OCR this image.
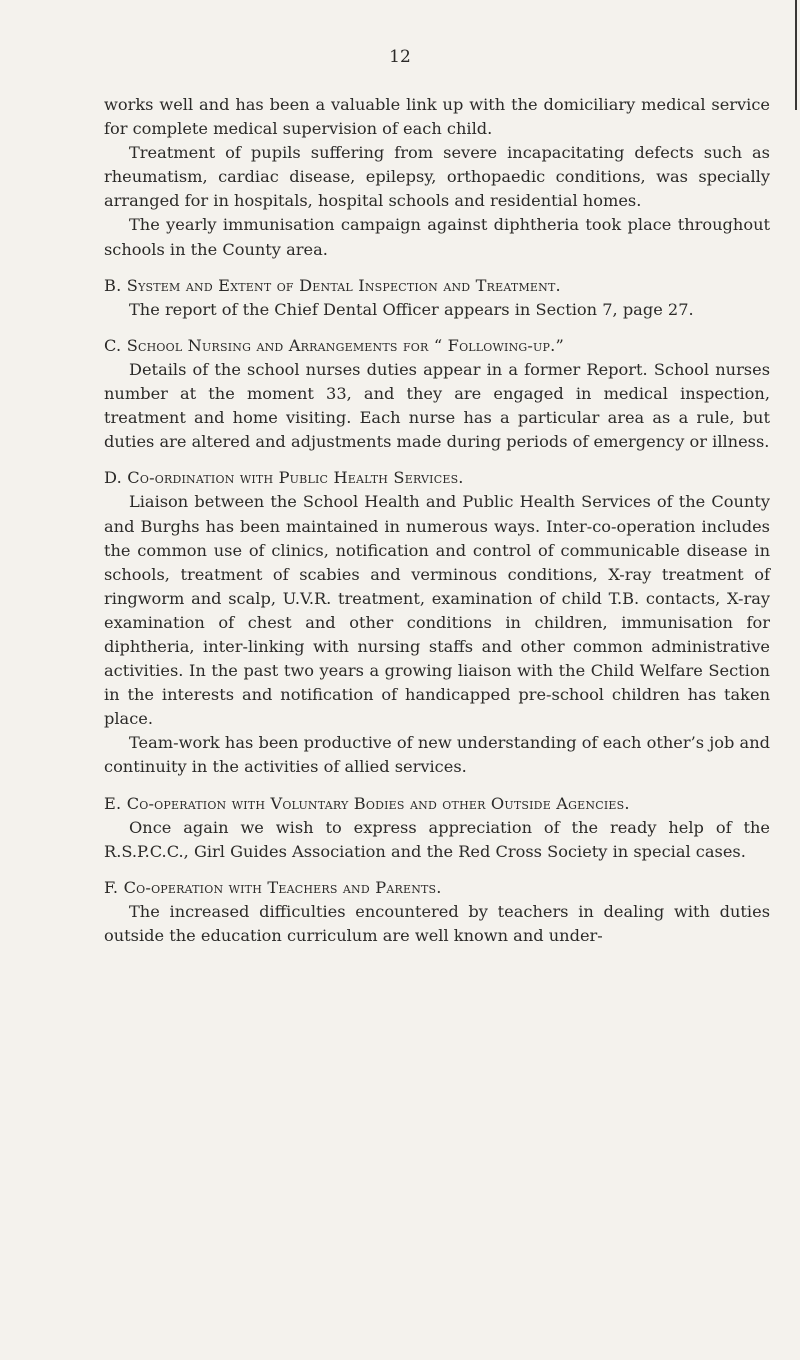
12

works well and has been a valuable link up with the domiciliary medical service for complete medical supervision of each child.

Treatment of pupils suffering from severe incapacitating defects such as rheumatism, cardiac disease, epilepsy, orthopaedic conditions, was specially arranged for in hospitals, hospital schools and residential homes.

The yearly immunisation campaign against diphtheria took place throughout schools in the County area.

B. System and Extent of Dental Inspection and Treatment.

The report of the Chief Dental Officer appears in Section 7, page 27.

C. School Nursing and Arrangements for “ Following-up.”

Details of the school nurses duties appear in a former Report. School nurses number at the moment 33, and they are engaged in medical inspection, treatment and home visiting. Each nurse has a particular area as a rule, but duties are altered and adjustments made during periods of emergency or illness.

D. Co-ordination with Public Health Services.

Liaison between the School Health and Public Health Services of the County and Burghs has been maintained in numerous ways. Inter-co-operation includes the common use of clinics, notification and control of communicable disease in schools, treatment of scabies and verminous conditions, X-ray treatment of ringworm and scalp, U.V.R. treatment, examination of child T.B. contacts, X-ray examination of chest and other conditions in children, immunisation for diphtheria, inter-linking with nursing staffs and other common administrative activities. In the past two years a growing liaison with the Child Welfare Section in the interests and notification of handicapped pre-school children has taken place.

Team-work has been productive of new understanding of each other’s job and continuity in the activities of allied services.

E. Co-operation with Voluntary Bodies and other Outside Agencies.

Once again we wish to express appreciation of the ready help of the R.S.P.C.C., Girl Guides Association and the Red Cross Society in special cases.

F. Co-operation with Teachers and Parents.

The increased difficulties encountered by teachers in dealing with duties outside the education curriculum are well known and under-
